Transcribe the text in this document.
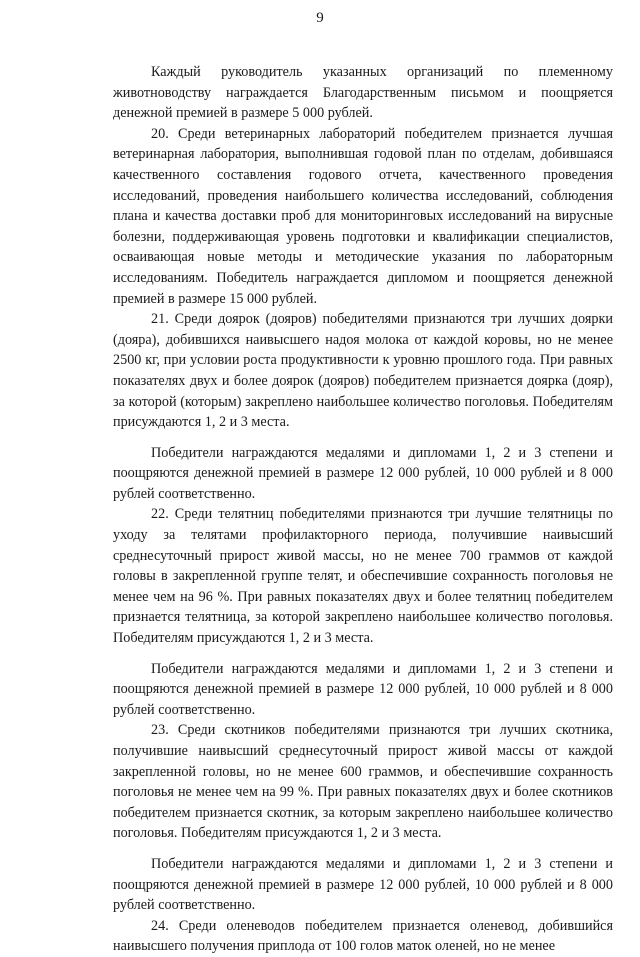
9

Каждый руководитель указанных организаций по племенному животноводству награждается Благодарственным письмом и поощряется денежной премией в размере 5 000 рублей.

20. Среди ветеринарных лабораторий победителем признается лучшая ветеринарная лаборатория, выполнившая годовой план по отделам, добившаяся качественного составления годового отчета, качественного проведения исследований, проведения наибольшего количества исследований, соблюдения плана и качества доставки проб для мониторинговых исследований на вирусные болезни, поддерживающая уровень подготовки и квалификации специалистов, осваивающая новые методы и методические указания по лабораторным исследованиям. Победитель награждается дипломом и поощряется денежной премией в размере 15 000 рублей.

21. Среди доярок (дояров) победителями признаются три лучших доярки (доярa), добившихся наивысшего надоя молока от каждой коровы, но не менее 2500 кг, при условии роста продуктивности к уровню прошлого года. При равных показателях двух и более доярок (дояров) победителем признается доярка (дояр), за которой (которым) закреплено наибольшее количество поголовья. Победителям присуждаются 1, 2 и 3 места.

Победители награждаются медалями и дипломами 1, 2 и 3 степени и поощряются денежной премией в размере 12 000 рублей, 10 000 рублей и 8 000 рублей соответственно.

22. Среди телятниц победителями признаются три лучшие телятницы по уходу за телятами профилакторного периода, получившие наивысший среднесуточный прирост живой массы, но не менее 700 граммов от каждой головы в закрепленной группе телят, и обеспечившие сохранность поголовья не менее чем на 96 %. При равных показателях двух и более телятниц победителем признается телятница, за которой закреплено наибольшее количество поголовья. Победителям присуждаются 1, 2 и 3 места.

Победители награждаются медалями и дипломами 1, 2 и 3 степени и поощряются денежной премией в размере 12 000 рублей, 10 000 рублей и 8 000 рублей соответственно.

23. Среди скотников победителями признаются три лучших скотника, получившие наивысший среднесуточный прирост живой массы от каждой закрепленной головы, но не менее 600 граммов, и обеспечившие сохранность поголовья не менее чем на 99 %. При равных показателях двух и более скотников победителем признается скотник, за которым закреплено наибольшее количество поголовья. Победителям присуждаются 1, 2 и 3 места.

Победители награждаются медалями и дипломами 1, 2 и 3 степени и поощряются денежной премией в размере 12 000 рублей, 10 000 рублей и 8 000 рублей соответственно.

24. Среди оленеводов победителем признается оленевод, добившийся наивысшего получения приплода от 100 голов маток оленей, но не менее
